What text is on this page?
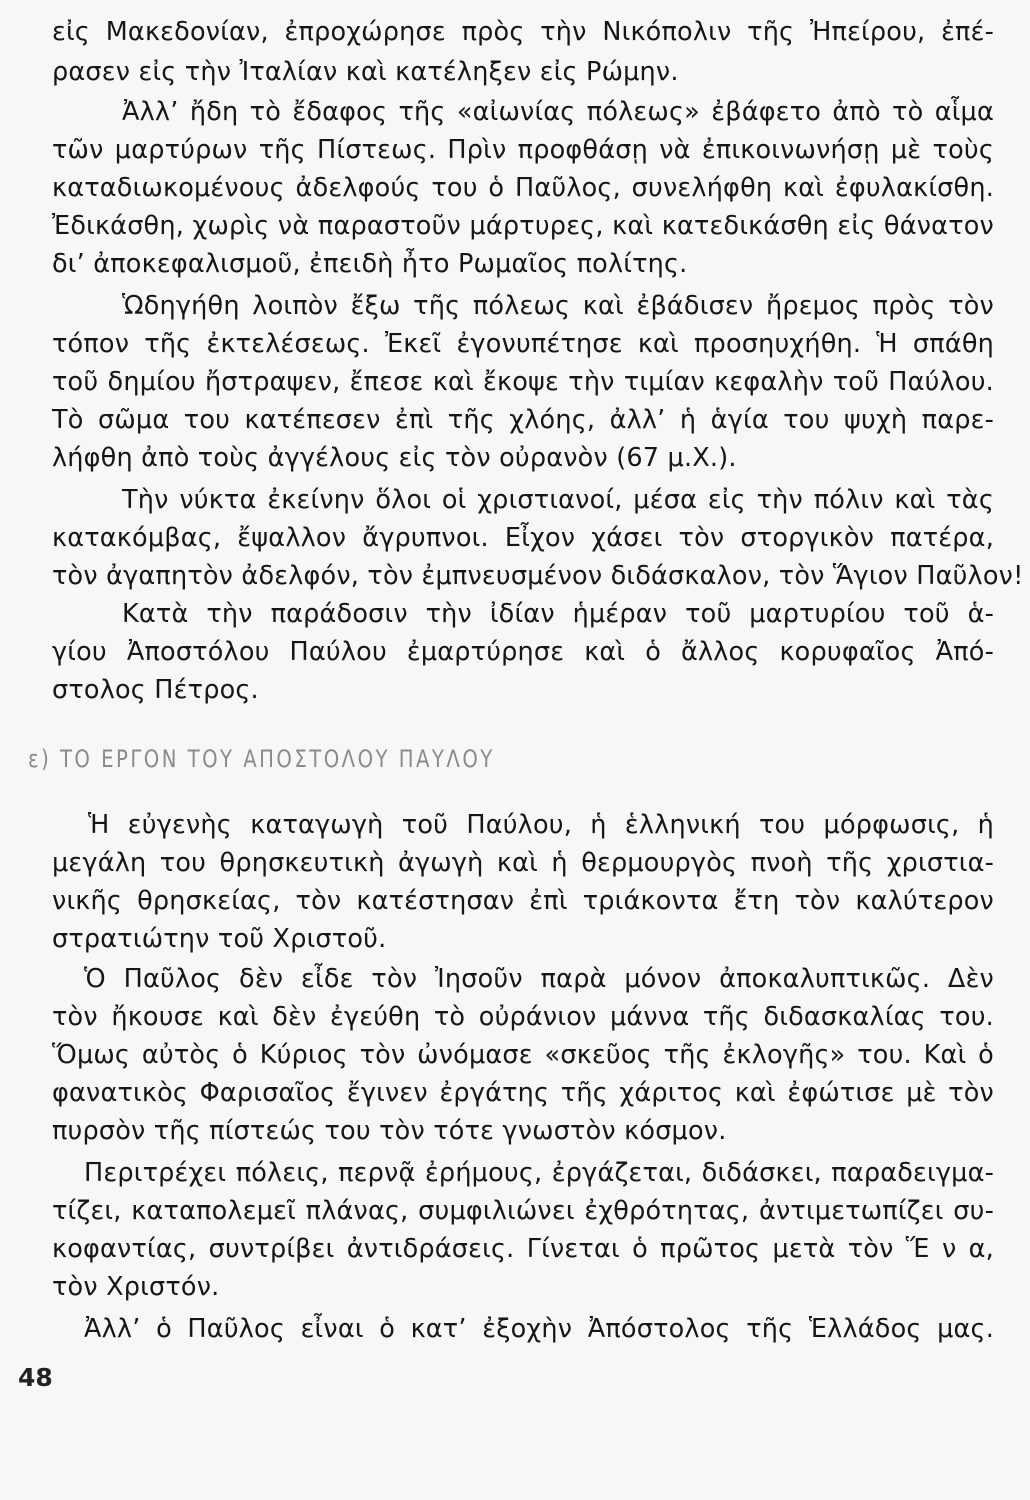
εἰς Μακεδονίαν, ἐπροχώρησε πρὸς τὴν Νικόπολιν τῆς Ἠπείρου, ἐπέ-
ρασεν εἰς τὴν Ἰταλίαν καὶ κατέληξεν εἰς Ρώμην.
Ἀλλ’ ἤδη τὸ ἔδαφος τῆς «αἰωνίας πόλεως» ἐβάφετο ἀπὸ τὸ αἷμα
τῶν μαρτύρων τῆς Πίστεως. Πρὶν προφθάσῃ νὰ ἐπικοινωνήσῃ μὲ τοὺς
καταδιωκομένους ἀδελφούς του ὁ Παῦλος, συνελήφθη καὶ ἐφυλακίσθη.
Ἐδικάσθη, χωρὶς νὰ παραστοῦν μάρτυρες, καὶ κατεδικάσθη εἰς θάνατον
δι’ ἀποκεφαλισμοῦ, ἐπειδὴ ἦτο Ρωμαῖος πολίτης.
Ὡδηγήθη λοιπὸν ἔξω τῆς πόλεως καὶ ἐβάδισεν ἤρεμος πρὸς τὸν
τόπον τῆς ἐκτελέσεως. Ἐκεῖ ἐγονυπέτησε καὶ προσηυχήθη. Ἡ σπάθη
τοῦ δημίου ἤστραψεν, ἔπεσε καὶ ἔκοψε τὴν τιμίαν κεφαλὴν τοῦ Παύλου.
Τὸ σῶμα του κατέπεσεν ἐπὶ τῆς χλόης, ἀλλ’ ἡ ἁγία του ψυχὴ παρε-
λήφθη ἀπὸ τοὺς ἀγγέλους εἰς τὸν οὐρανὸν (67 μ.Χ.).
Τὴν νύκτα ἐκείνην ὅλοι οἱ χριστιανοί, μέσα εἰς τὴν πόλιν καὶ τὰς
κατακόμβας, ἔψαλλον ἄγρυπνοι. Εἶχον χάσει τὸν στοργικὸν πατέρα,
τὸν ἀγαπητὸν ἀδελφόν, τὸν ἐμπνευσμένον διδάσκαλον, τὸν Ἅγιον Παῦλον!
Κατὰ τὴν παράδοσιν τὴν ἰδίαν ἡμέραν τοῦ μαρτυρίου τοῦ ἁ-
γίου Ἀποστόλου Παύλου ἐμαρτύρησε καὶ ὁ ἄλλος κορυφαῖος Ἀπό-
στολος Πέτρος.
ε) ΤΟ ΕΡΓΟΝ ΤΟΥ ΑΠΟΣΤΟΛΟΥ ΠΑΥΛΟΥ
Ἡ εὐγενὴς καταγωγὴ τοῦ Παύλου, ἡ ἑλληνική του μόρφωσις, ἡ
μεγάλη του θρησκευτικὴ ἀγωγὴ καὶ ἡ θερμουργὸς πνοὴ τῆς χριστια-
νικῆς θρησκείας, τὸν κατέστησαν ἐπὶ τριάκοντα ἔτη τὸν καλύτερον
στρατιώτην τοῦ Χριστοῦ.
Ὁ Παῦλος δὲν εἶδε τὸν Ἰησοῦν παρὰ μόνον ἀποκαλυπτικῶς. Δὲν
τὸν ἤκουσε καὶ δὲν ἐγεύθη τὸ οὐράνιον μάννα τῆς διδασκαλίας του.
Ὅμως αὐτὸς ὁ Κύριος τὸν ὠνόμασε «σκεῦος τῆς ἐκλογῆς» του. Καὶ ὁ
φανατικὸς Φαρισαῖος ἔγινεν ἐργάτης τῆς χάριτος καὶ ἐφώτισε μὲ τὸν
πυρσὸν τῆς πίστεώς του τὸν τότε γνωστὸν κόσμον.
Περιτρέχει πόλεις, περνᾷ ἐρήμους, ἐργάζεται, διδάσκει, παραδειγμα-
τίζει, καταπολεμεῖ πλάνας, συμφιλιώνει ἐχθρότητας, ἀντιμετωπίζει συ-
κοφαντίας, συντρίβει ἀντιδράσεις. Γίνεται ὁ πρῶτος μετὰ τὸν Ἕ ν α,
τὸν Χριστόν.
Ἀλλ’ ὁ Παῦλος εἶναι ὁ κατ’ ἐξοχὴν Ἀπόστολος τῆς Ἑλλάδος μας.
48
